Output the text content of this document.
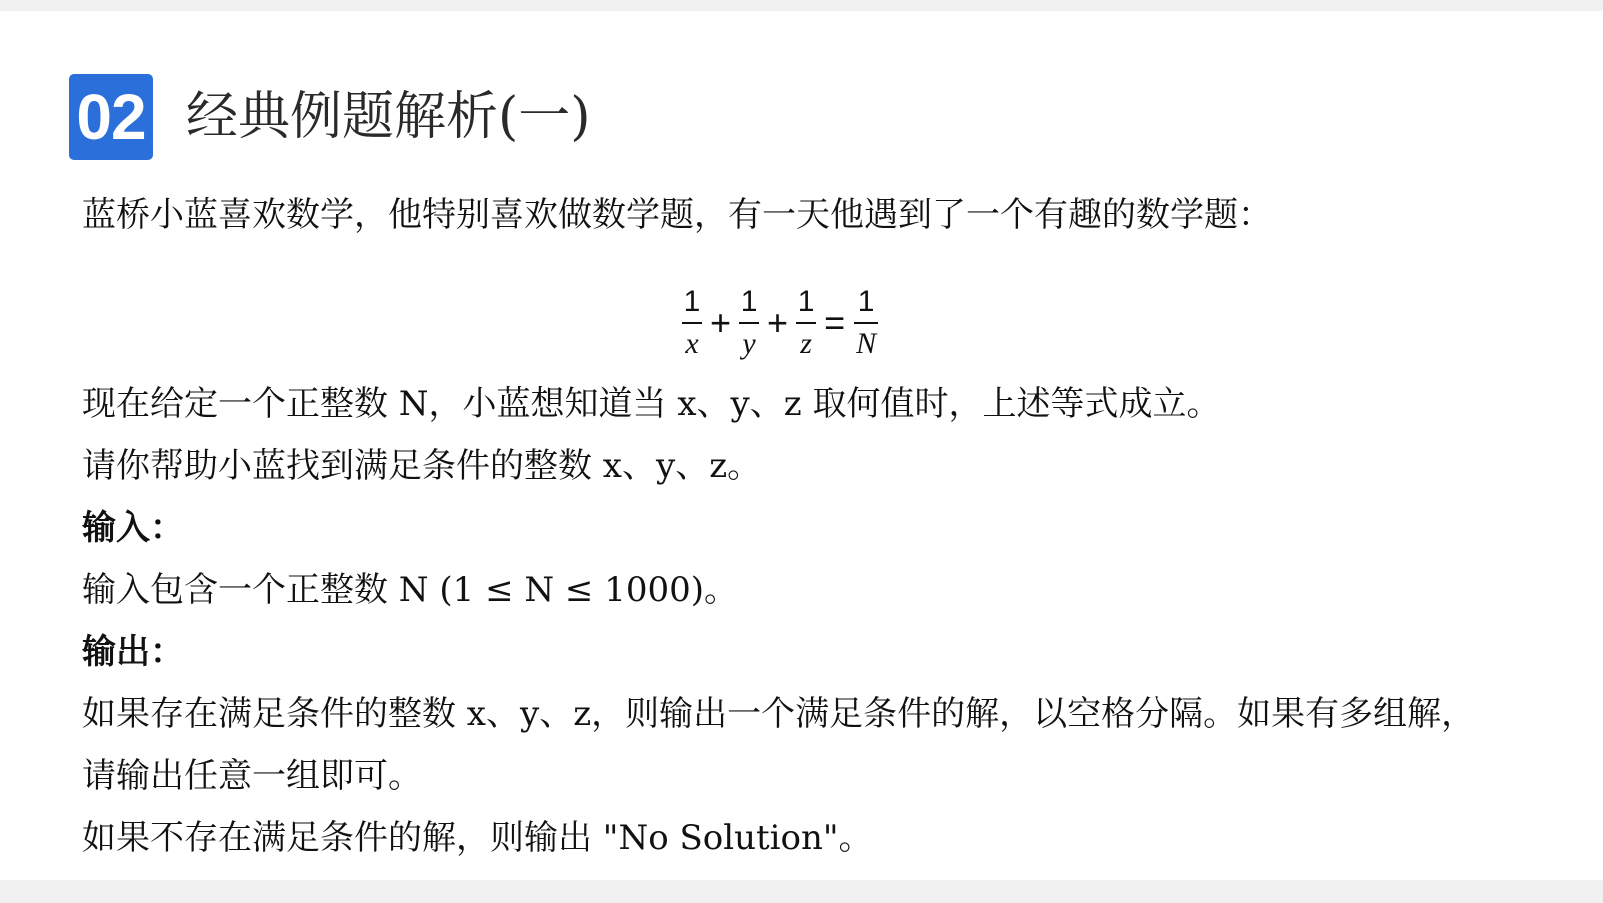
02 经典例题解析(一)
蓝桥小蓝喜欢数学，他特别喜欢做数学题，有一天他遇到了一个有趣的数学题：
$\frac{1}{x} + \frac{1}{y} + \frac{1}{z} = \frac{1}{N}$
现在给定一个正整数 N，小蓝想知道当 x、y、z 取何值时，上述等式成立。
请你帮助小蓝找到满足条件的整数 x、y、z。
输入：
输入包含一个正整数 N (1 ≤ N ≤ 1000)。
输出：
如果存在满足条件的整数 x、y、z，则输出一个满足条件的解，以空格分隔。如果有多组解，
请输出任意一组即可。
如果不存在满足条件的解，则输出 "No Solution"。
